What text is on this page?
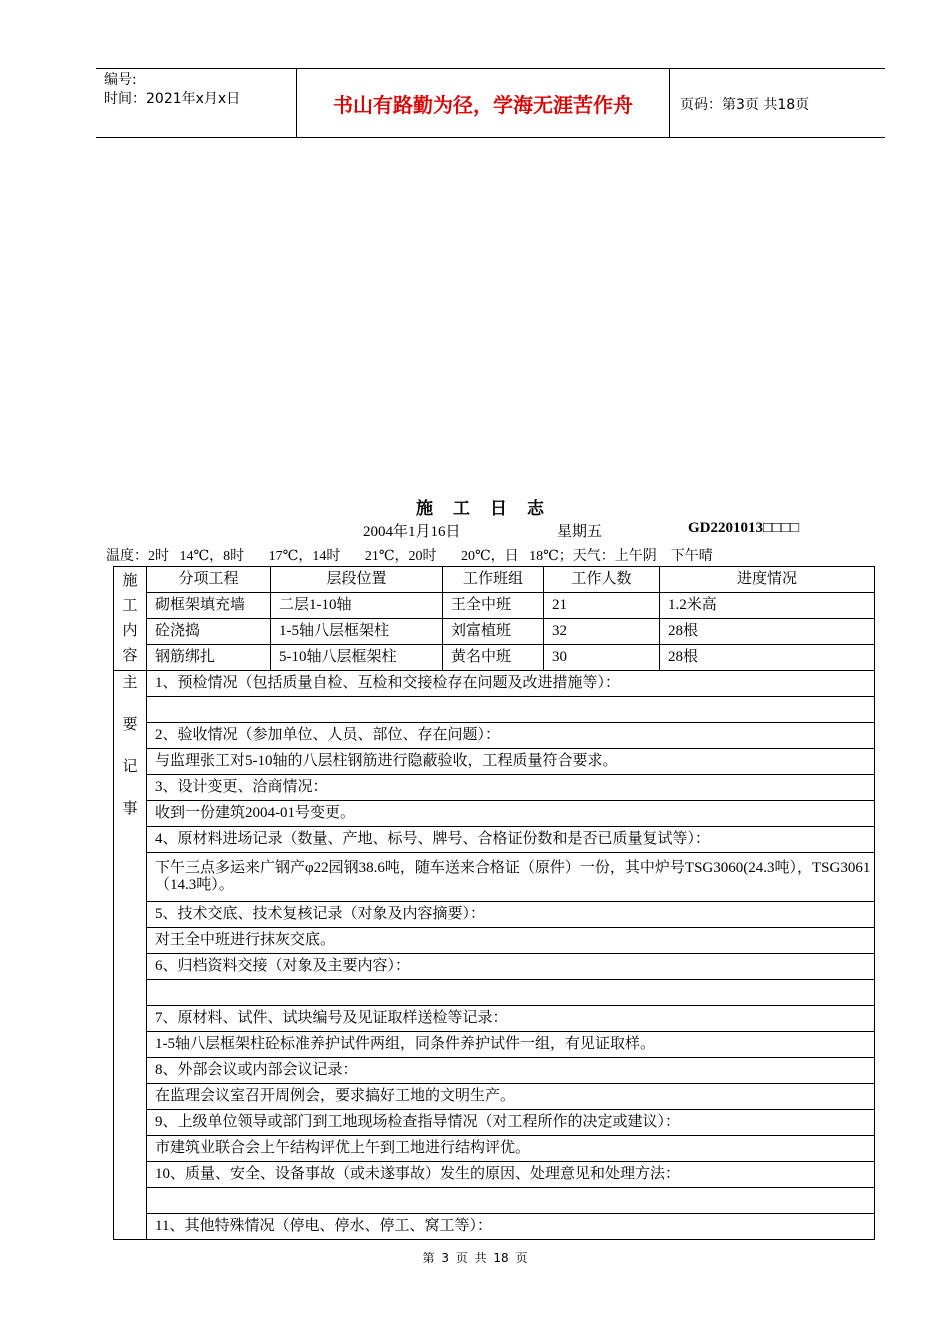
编号:
时间：2021年x月x日	书山有路勤为径，学海无涯苦作舟	页码：第3页 共18页
施工日志
2004年1月16日	星期五	GD2201013□□□□
温度：2时   14℃，8时       17℃，14时       21℃，20时       20℃，日   18℃；天气：上午阴    下午晴
施
工
内
容	分项工程	层段位置	工作班组	工作人数	进度情况
	砌框架填充墙	二层1-10轴	王全中班	21	1.2米高
	砼浇捣	1-5轴八层框架柱	刘富植班	32	28根
	钢筋绑扎	5-10轴八层框架柱	黄名中班	30	28根

主
要
记
事	1、预检情况（包括质量自检、互检和交接检存在问题及改进措施等）：				

	2、验收情况（参加单位、人员、部位、存在问题）：				
	与监理张工对5-10轴的八层柱钢筋进行隐蔽验收，工程质量符合要求。				
	3、设计变更、洽商情况：				
	收到一份建筑2004-01号变更。				
	4、原材料进场记录（数量、产地、标号、牌号、合格证份数和是否已质量复试等）：				
	下午三点多运来广钢产φ22园钢38.6吨，随车送来合格证（原件）一份，其中炉号TSG3060(24.3吨），TSG3061（14.3吨）。				
	5、技术交底、技术复核记录（对象及内容摘要）：				
	对王全中班进行抹灰交底。				
	6、归档资料交接（对象及主要内容）：				

	7、原材料、试件、试块编号及见证取样送检等记录：				
	1-5轴八层框架柱砼标准养护试件两组，同条件养护试件一组，有见证取样。				
	8、外部会议或内部会议记录：				
	在监理会议室召开周例会，要求搞好工地的文明生产。				
	9、上级单位领导或部门到工地现场检查指导情况（对工程所作的决定或建议）：				
	市建筑业联合会上午结构评优上午到工地进行结构评优。				
	10、质量、安全、设备事故（或未遂事故）发生的原因、处理意见和处理方法：				

	11、其他特殊情况（停电、停水、停工、窝工等）：				
第 3 页 共 18 页
